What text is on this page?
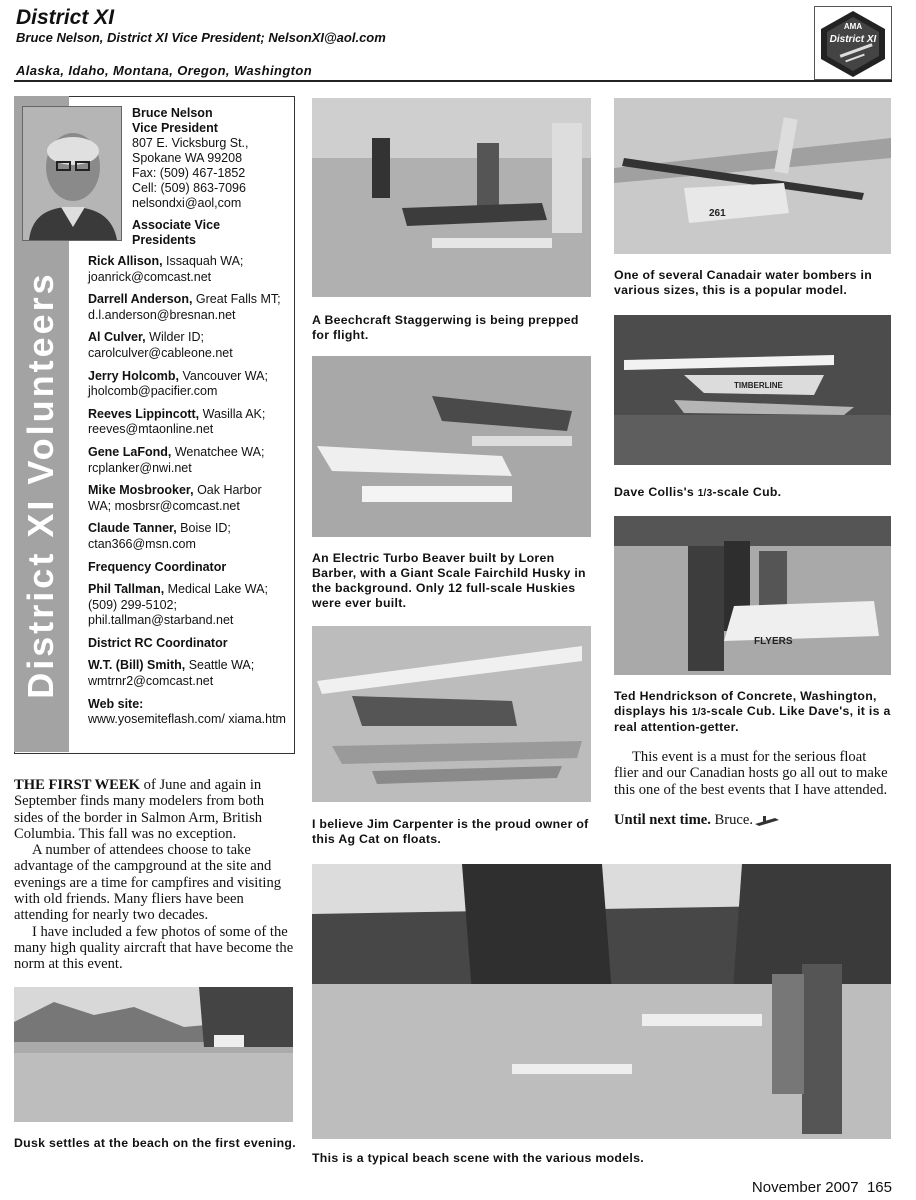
District XI
Bruce Nelson, District XI Vice President; NelsonXI@aol.com
Alaska, Idaho, Montana, Oregon, Washington
AMA
District XI
District XI Volunteers
Bruce Nelson
Vice President
807 E. Vicksburg St.,
Spokane WA 99208
Fax: (509) 467-1852
Cell: (509) 863-7096
nelsondxi@aol,com
Associate Vice Presidents
Rick Allison, Issaquah WA;
joanrick@comcast.net
Darrell Anderson, Great Falls MT; d.l.anderson@bresnan.net
Al Culver, Wilder ID;
carolculver@cableone.net
Jerry Holcomb, Vancouver WA;
jholcomb@pacifier.com
Reeves Lippincott, Wasilla AK;
reeves@mtaonline.net
Gene LaFond, Wenatchee WA;
rcplanker@nwi.net
Mike Mosbrooker, Oak Harbor WA; mosbrsr@comcast.net
Claude Tanner, Boise ID;
ctan366@msn.com
Frequency Coordinator
Phil Tallman, Medical Lake WA; (509) 299-5102; phil.tallman@starband.net
District RC Coordinator
W.T. (Bill) Smith, Seattle WA;
wmtrnr2@comcast.net
Web site:
www.yosemiteflash.com/ xiama.htm

THE FIRST WEEK of June and again in September finds many modelers from both sides of the border in Salmon Arm, British Columbia. This fall was no exception.

A number of attendees choose to take advantage of the campground at the site and evenings are a time for campfires and visiting with old friends. Many fliers have been attending for nearly two decades.

I have included a few photos of some of the many high quality aircraft that have become the norm at this event.

Dusk settles at the beach on the first evening.
A Beechcraft Staggerwing is being prepped for flight.
An Electric Turbo Beaver built by Loren Barber, with a Giant Scale Fairchild Husky in the background. Only 12 full-scale Huskies were ever built.
I believe Jim Carpenter is the proud owner of this Ag Cat on floats.
261
One of several Canadair water bombers in various sizes, this is a popular model.
TIMBERLINE
Dave Collis's 1/3-scale Cub.
FLYERS
Ted Hendrickson of Concrete, Washington, displays his 1/3-scale Cub. Like Dave's, it is a real attention-getter.

This event is a must for the serious float flier and our Canadian hosts go all out to make this one of the best events that I have attended.

Until next time. Bruce.

This is a typical beach scene with the various models.
November 2007 165
